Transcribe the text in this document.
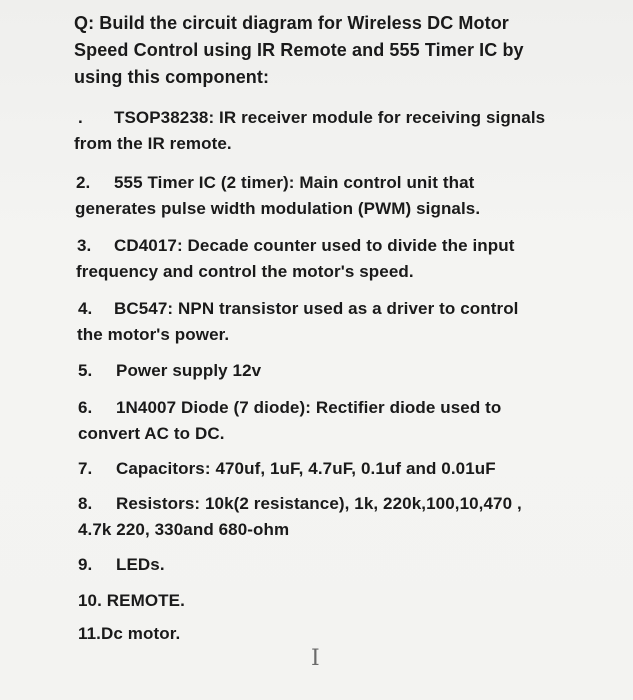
Q: Build the circuit diagram for Wireless DC Motor
Speed Control using IR Remote and 555 Timer IC by
using this component:
. TSOP38238: IR receiver module for receiving signals
from the IR remote.
2. 555 Timer IC (2 timer): Main control unit that
generates pulse width modulation (PWM) signals.
3. CD4017: Decade counter used to divide the input
frequency and control the motor's speed.
4. BC547: NPN transistor used as a driver to control
the motor's power.
5. Power supply 12v
6. 1N4007 Diode (7 diode): Rectifier diode used to
convert AC to DC.
7. Capacitors: 470uf, 1uF, 4.7uF, 0.1uf and 0.01uF
8. Resistors: 10k(2 resistance), 1k, 220k,100,10,470 ,
4.7k 220, 330and 680-ohm
9. LEDs.
10. REMOTE.
11.Dc motor.
I
